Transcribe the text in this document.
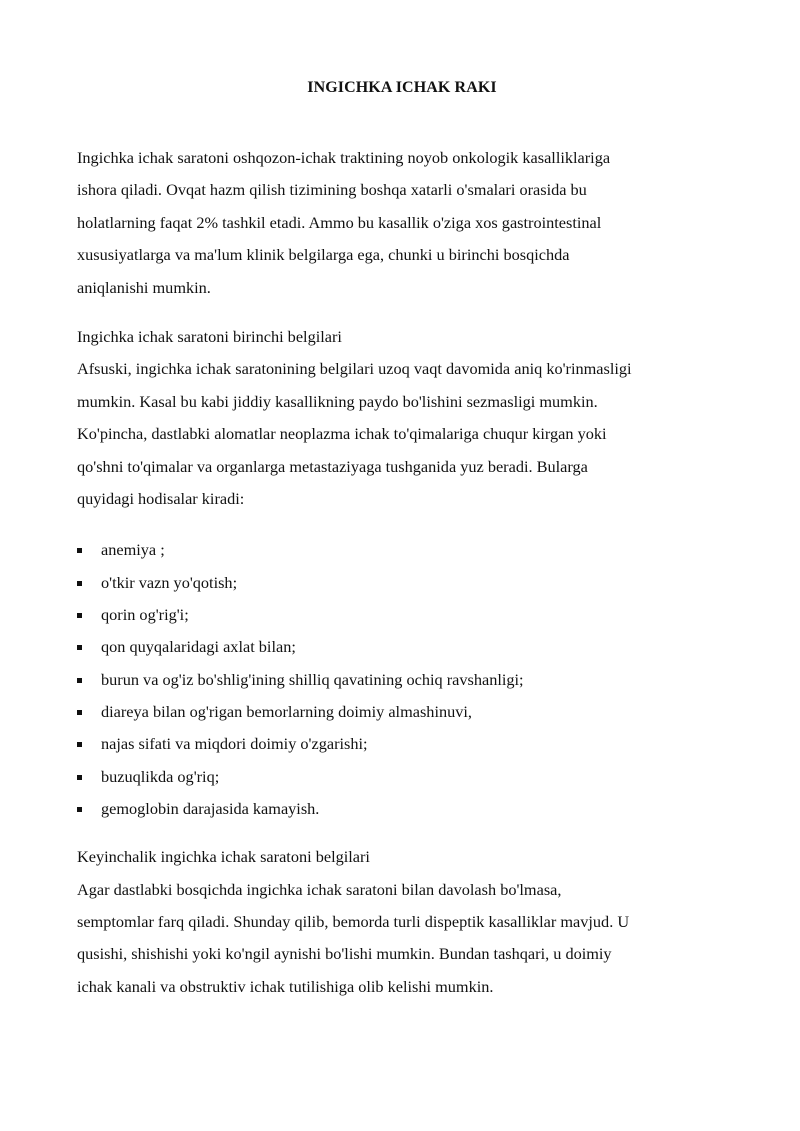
INGICHKA ICHAK RAKI
Ingichka ichak saratoni oshqozon-ichak traktining noyob onkologik kasalliklariga
ishora qiladi. Ovqat hazm qilish tizimining boshqa xatarli o'smalari orasida bu
holatlarning faqat 2% tashkil etadi. Ammo bu kasallik o'ziga xos gastrointestinal
xususiyatlarga va ma'lum klinik belgilarga ega, chunki u birinchi bosqichda
aniqlanishi mumkin.
Ingichka ichak saratoni birinchi belgilari
Afsuski, ingichka ichak saratonining belgilari uzoq vaqt davomida aniq ko'rinmasligi
mumkin. Kasal bu kabi jiddiy kasallikning paydo bo'lishini sezmasligi mumkin.
Ko'pincha, dastlabki alomatlar neoplazma ichak to'qimalariga chuqur kirgan yoki
qo'shni to'qimalar va organlarga metastaziyaga tushganida yuz beradi. Bularga
quyidagi hodisalar kiradi:
anemiya ;
o'tkir vazn yo'qotish;
qorin og'rig'i;
qon quyqalaridagi axlat bilan;
burun va og'iz bo'shlig'ining shilliq qavatining ochiq ravshanligi;
diareya bilan og'rigan bemorlarning doimiy almashinuvi,
najas sifati va miqdori doimiy o'zgarishi;
buzuqlikda og'riq;
gemoglobin darajasida kamayish.
Keyinchalik ingichka ichak saratoni belgilari
Agar dastlabki bosqichda ingichka ichak saratoni bilan davolash bo'lmasa,
semptomlar farq qiladi. Shunday qilib, bemorda turli dispeptik kasalliklar mavjud. U
qusishi, shishishi yoki ko'ngil aynishi bo'lishi mumkin. Bundan tashqari, u doimiy
ichak kanali va obstruktiv ichak tutilishiga olib kelishi mumkin.
